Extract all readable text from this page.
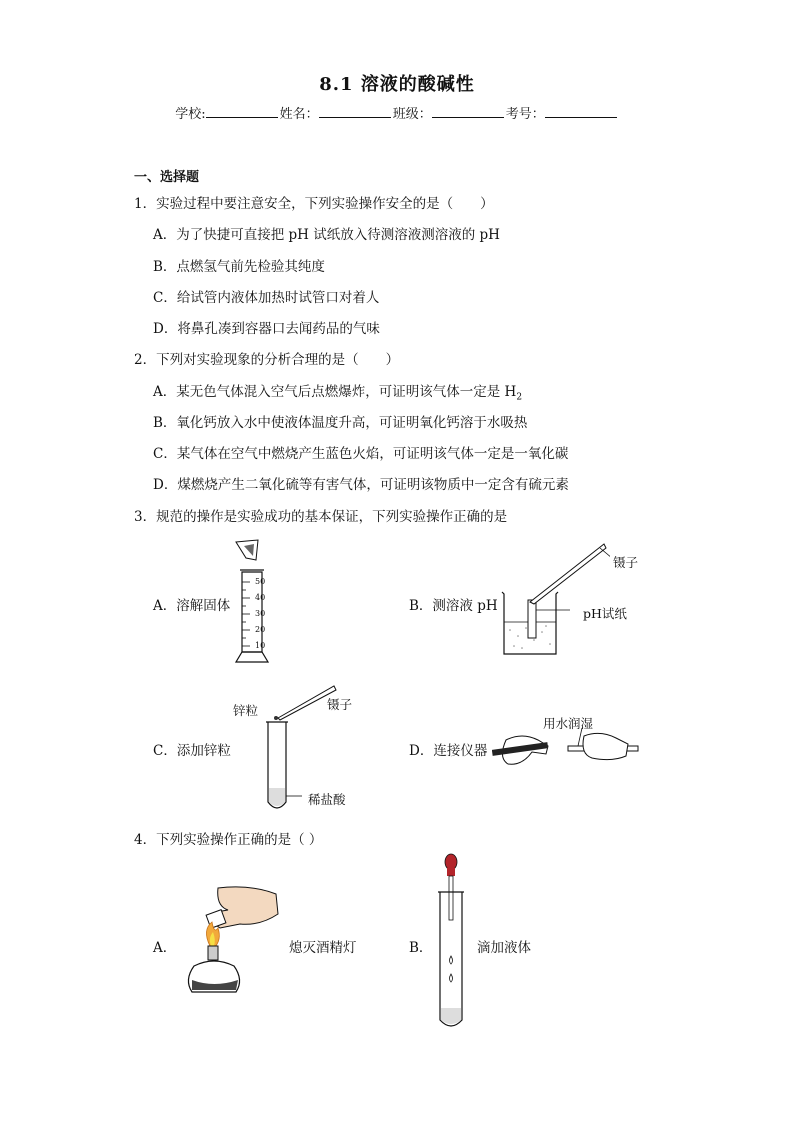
8.1 溶液的酸碱性
学校:	姓名：	班级：	考号：
一、选择题
1．实验过程中要注意安全，下列实验操作安全的是（　　）
A．为了快捷可直接把 pH 试纸放入待测溶液测溶液的 pH
B．点燃氢气前先检验其纯度
C．给试管内液体加热时试管口对着人
D．将鼻孔凑到容器口去闻药品的气味
2．下列对实验现象的分析合理的是（　　）
A．某无色气体混入空气后点燃爆炸，可证明该气体一定是 $H_2$
B．氧化钙放入水中使液体温度升高，可证明氧化钙溶于水吸热
C．某气体在空气中燃烧产生蓝色火焰，可证明该气体一定是一氧化碳
D．煤燃烧产生二氧化硫等有害气体，可证明该物质中一定含有硫元素
3．规范的操作是实验成功的基本保证，下列实验操作正确的是
A．溶解固体
50
40
30
20
10
B．测溶液 pH
镊子
pH试纸
C．添加锌粒
锌粒	镊子
稀盐酸
D．连接仪器
用水润湿
4．下列实验操作正确的是（ ）
A．	熄灭酒精灯	B．	滴加液体
